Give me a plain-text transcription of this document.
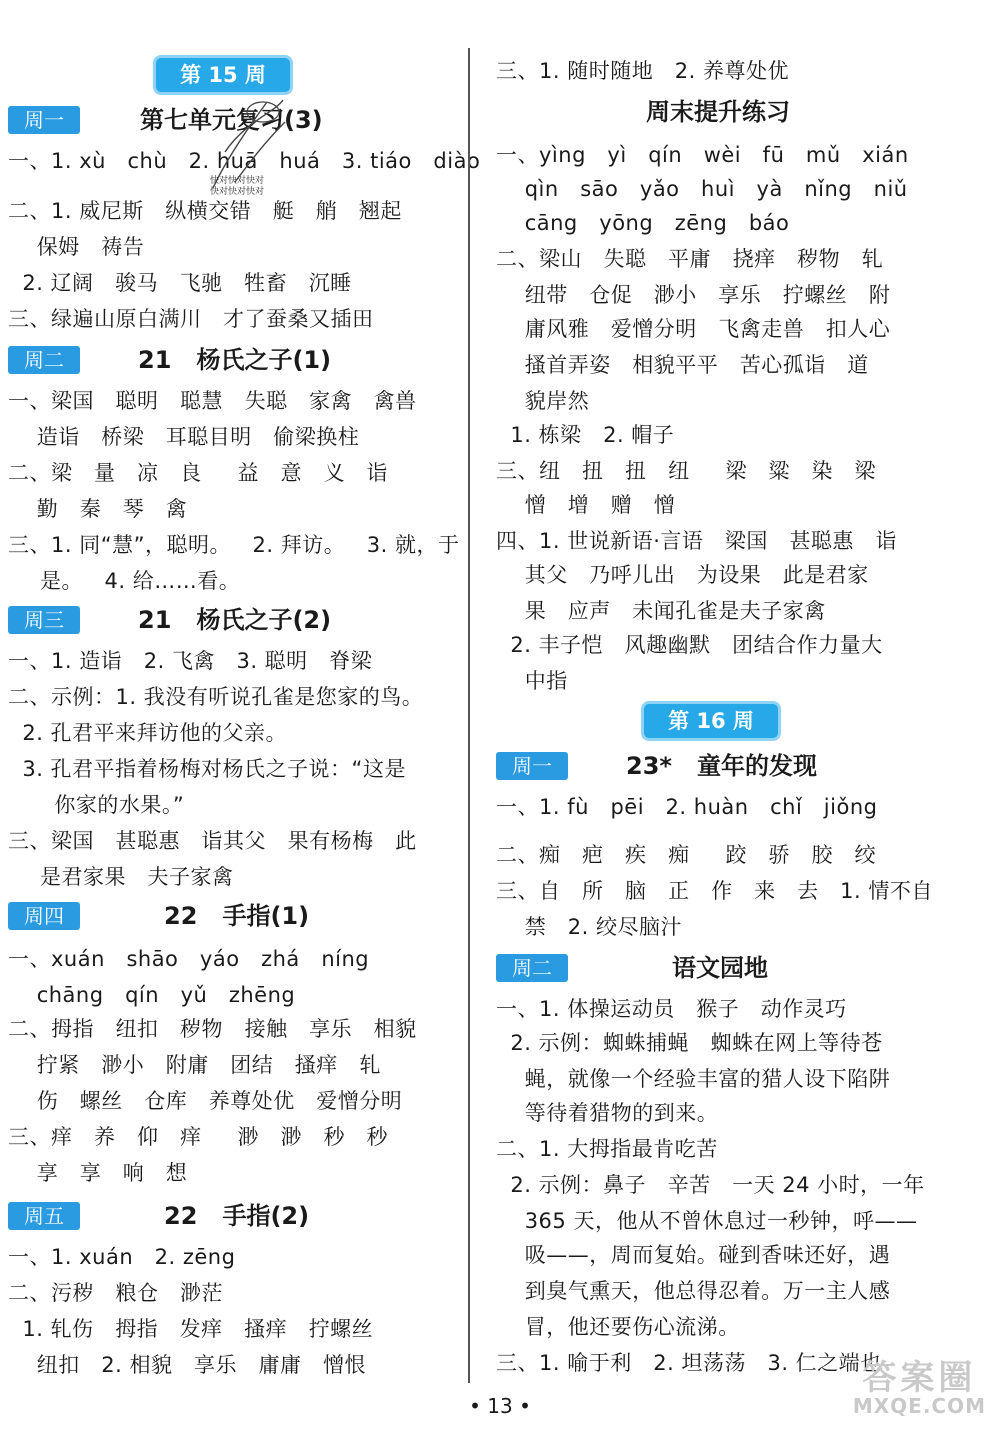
第 15 周
周一	第七单元复习(3)
一、1. xù   chù   2. huā   huá   3. tiáo   diào
二、1. 威尼斯   纵横交错   艇   艄   翘起
保姆   祷告
2. 辽阔   骏马   飞驰   牲畜   沉睡
三、绿遍山原白满川   才了蚕桑又插田
周二	21   杨氏之子(1)
一、梁国   聪明   聪慧   失聪   家禽   禽兽
造诣   桥梁   耳聪目明   偷梁换柱
二、梁   量   凉   良     益   意   义   诣
勤   秦   琴   禽
三、1. 同“慧”，聪明。   2. 拜访。   3. 就，于
是。   4. 给……看。
周三	21   杨氏之子(2)
一、1. 造诣   2. 飞禽   3. 聪明   脊梁
二、示例：1. 我没有听说孔雀是您家的鸟。
2. 孔君平来拜访他的父亲。
3. 孔君平指着杨梅对杨氏之子说：“这是
你家的水果。”
三、梁国   甚聪惠   诣其父   果有杨梅   此
是君家果   夫子家禽
周四	22   手指(1)
一、xuán   shāo   yáo   zhá   níng
chāng   qín   yǔ   zhēng
二、拇指   纽扣   秽物   接触   享乐   相貌
拧紧   渺小   附庸   团结   搔痒   轧
伤   螺丝   仓库   养尊处优   爱憎分明
三、痒   养   仰   痒     渺   渺   秒   秒
享   享   响   想
周五	22   手指(2)
一、1. xuán   2. zēng
二、污秽   粮仓   渺茫
1. 轧伤   拇指   发痒   搔痒   拧螺丝
纽扣   2. 相貌   享乐   庸庸   憎恨
快对快对快对
快对快对快对
三、1. 随时随地   2. 养尊处优
周末提升练习
一、yìng   yì   qín   wèi   fū   mǔ   xián
qìn   sāo   yǎo   huì   yà   nǐng   niǔ
cāng   yōng   zēng   báo
二、梁山   失聪   平庸   挠痒   秽物   轧
纽带   仓促   渺小   享乐   拧螺丝   附
庸风雅   爱憎分明   飞禽走兽   扣人心
搔首弄姿   相貌平平   苦心孤诣   道
貌岸然
1. 栋梁   2. 帽子
三、纽   扭   扭   纽     梁   粱   染   梁
憎   增   赠   憎
四、1. 世说新语·言语   梁国   甚聪惠   诣
其父   乃呼儿出   为设果   此是君家
果   应声   未闻孔雀是夫子家禽
2. 丰子恺   风趣幽默   团结合作力量大
中指
第 16 周
周一	23*   童年的发现
一、1. fù   pēi   2. huàn   chǐ   jiǒng
二、痴   疤   疾   痴     跤   骄   胶   绞
三、自   所   脑   正   作   来   去   1. 情不自
禁   2. 绞尽脑汁
周二	语文园地
一、1. 体操运动员   猴子   动作灵巧
2. 示例：蜘蛛捕蝇   蜘蛛在网上等待苍
蝇，就像一个经验丰富的猎人设下陷阱
等待着猎物的到来。
二、1. 大拇指最肯吃苦
2. 示例：鼻子   辛苦   一天 24 小时，一年
365 天，他从不曾休息过一秒钟，呼——
吸——，周而复始。碰到香味还好，遇
到臭气熏天，他总得忍着。万一主人感
冒，他还要伤心流涕。
三、1. 喻于利   2. 坦荡荡   3. 仁之端也
• 13 •
答案圈
MXQE.COM
